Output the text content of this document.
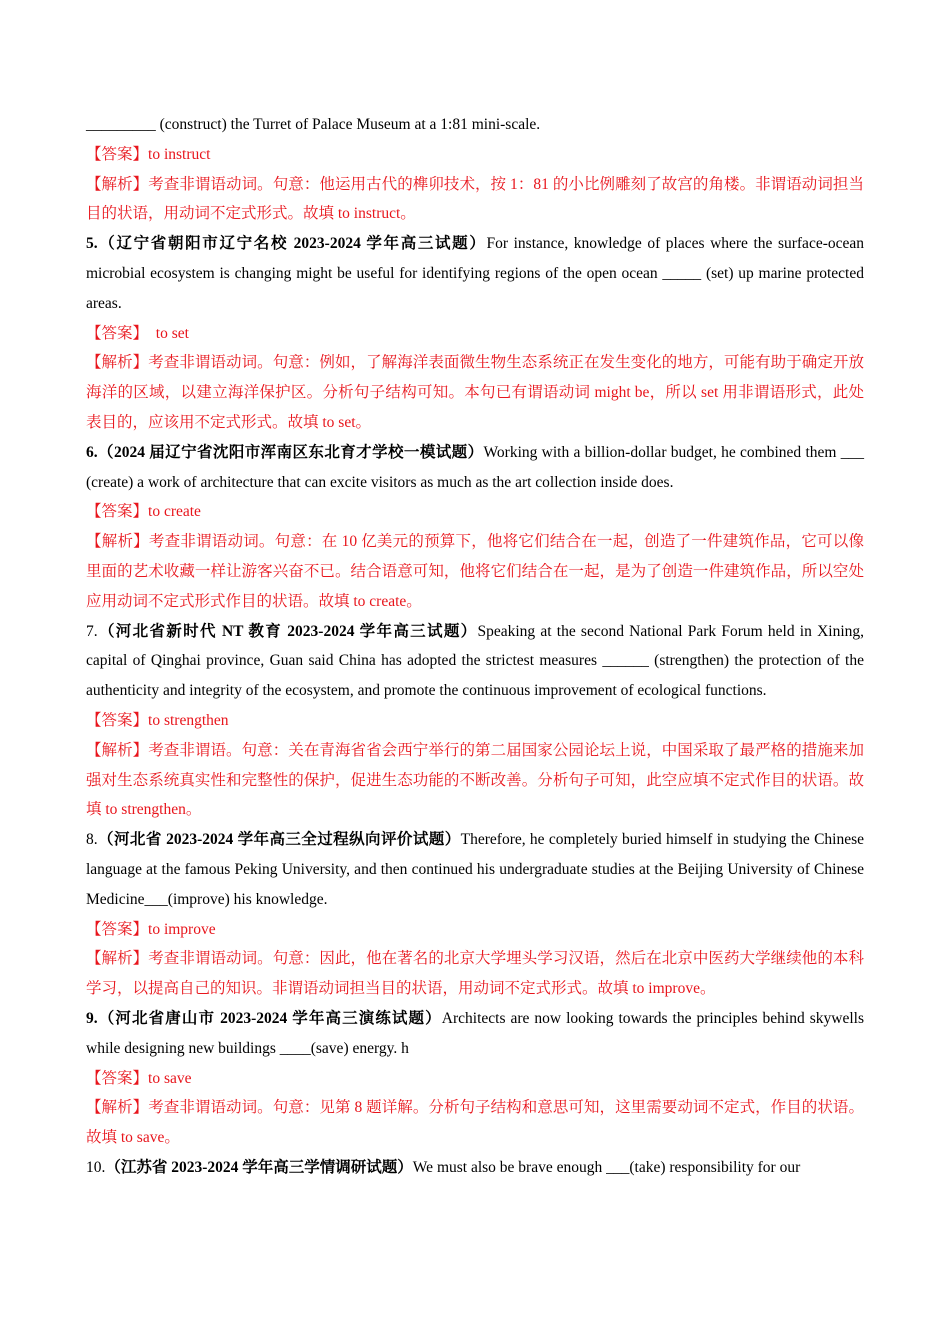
_________ (construct) the Turret of Palace Museum at a 1:81 mini-scale.

【答案】to instruct

【解析】考查非谓语动词。句意：他运用古代的榫卯技术，按 1：81 的小比例雕刻了故宫的角楼。非谓语动词担当目的状语，用动词不定式形式。故填 to instruct。

5.（辽宁省朝阳市辽宁名校 2023-2024 学年高三试题）For instance, knowledge of places where the surface-ocean microbial ecosystem is changing might be useful for identifying regions of the open ocean _____ (set) up marine protected areas.

【答案】  to set

【解析】考查非谓语动词。句意：例如，了解海洋表面微生物生态系统正在发生变化的地方，可能有助于确定开放海洋的区域，以建立海洋保护区。分析句子结构可知。本句已有谓语动词 might be，所以 set 用非谓语形式，此处表目的，应该用不定式形式。故填 to set。

6.（2024 届辽宁省沈阳市浑南区东北育才学校一模试题）Working with a billion-dollar budget, he combined them ___ (create) a work of architecture that can excite visitors as much as the art collection inside does.

【答案】to create

【解析】考查非谓语动词。句意：在 10 亿美元的预算下，他将它们结合在一起，创造了一件建筑作品，它可以像里面的艺术收藏一样让游客兴奋不已。结合语意可知，他将它们结合在一起，是为了创造一件建筑作品，所以空处应用动词不定式形式作目的状语。故填 to create。

7.（河北省新时代 NT 教育 2023-2024 学年高三试题）Speaking at the second National Park Forum held in Xining, capital of Qinghai province, Guan said China has adopted the strictest measures ______ (strengthen) the protection of the authenticity and integrity of the ecosystem, and promote the continuous improvement of ecological functions.

【答案】to strengthen

【解析】考查非谓语。句意：关在青海省省会西宁举行的第二届国家公园论坛上说，中国采取了最严格的措施来加强对生态系统真实性和完整性的保护，促进生态功能的不断改善。分析句子可知，此空应填不定式作目的状语。故填 to strengthen。

8.（河北省 2023-2024 学年高三全过程纵向评价试题）Therefore, he completely buried himself in studying the Chinese language at the famous Peking University, and then continued his undergraduate studies at the Beijing University of Chinese Medicine___(improve) his knowledge.

【答案】to improve

【解析】考查非谓语动词。句意：因此，他在著名的北京大学埋头学习汉语，然后在北京中医药大学继续他的本科学习，以提高自己的知识。非谓语动词担当目的状语，用动词不定式形式。故填 to improve。

9.（河北省唐山市 2023-2024 学年高三演练试题）Architects are now looking towards the principles behind skywells while designing new buildings ____(save) energy. h

【答案】to save

【解析】考查非谓语动词。句意：见第 8 题详解。分析句子结构和意思可知，这里需要动词不定式，作目的状语。故填 to save。

10.（江苏省 2023-2024 学年高三学情调研试题）We must also be brave enough ___(take) responsibility for our
